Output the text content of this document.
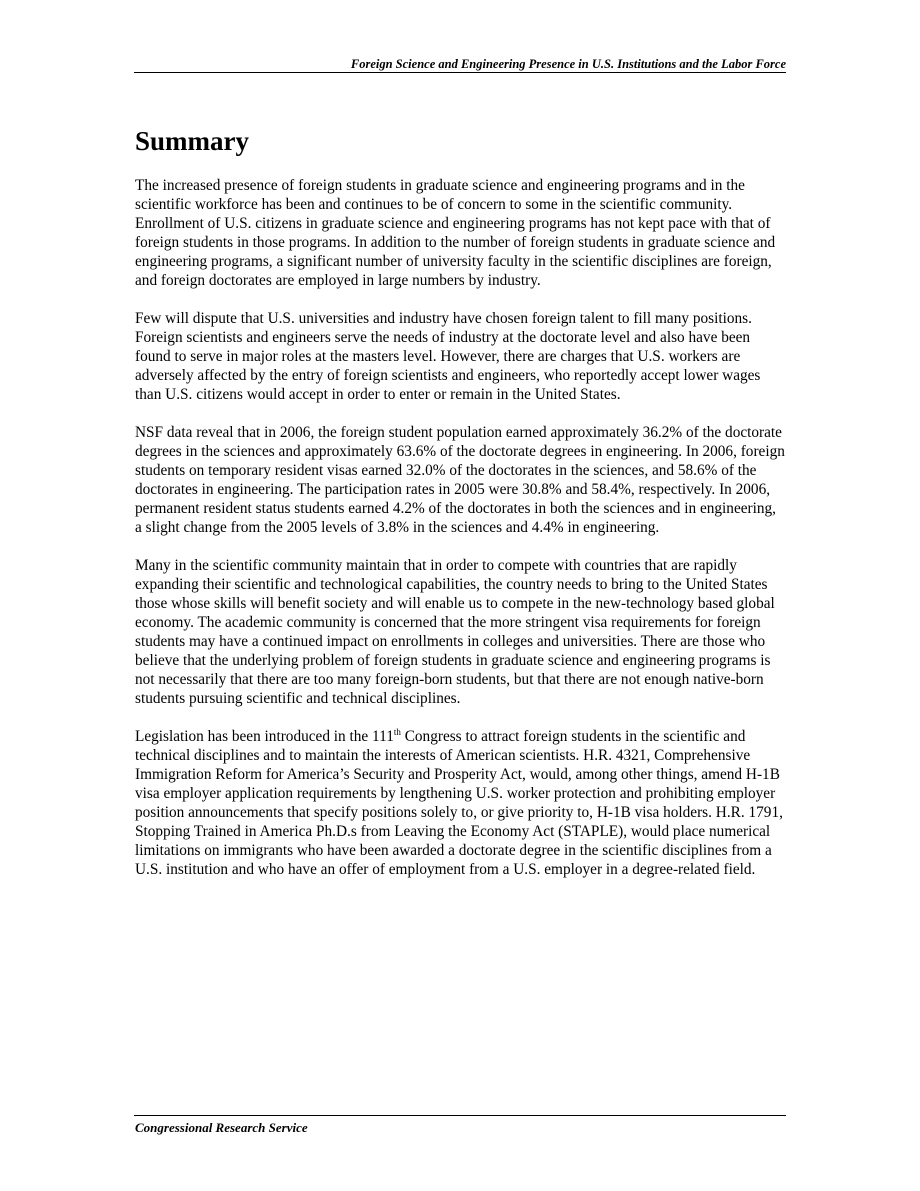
Foreign Science and Engineering Presence in U.S. Institutions and the Labor Force
Summary

The increased presence of foreign students in graduate science and engineering programs and in the scientific workforce has been and continues to be of concern to some in the scientific community. Enrollment of U.S. citizens in graduate science and engineering programs has not kept pace with that of foreign students in those programs. In addition to the number of foreign students in graduate science and engineering programs, a significant number of university faculty in the scientific disciplines are foreign, and foreign doctorates are employed in large numbers by industry.

Few will dispute that U.S. universities and industry have chosen foreign talent to fill many positions. Foreign scientists and engineers serve the needs of industry at the doctorate level and also have been found to serve in major roles at the masters level. However, there are charges that U.S. workers are adversely affected by the entry of foreign scientists and engineers, who reportedly accept lower wages than U.S. citizens would accept in order to enter or remain in the United States.

NSF data reveal that in 2006, the foreign student population earned approximately 36.2% of the doctorate degrees in the sciences and approximately 63.6% of the doctorate degrees in engineering. In 2006, foreign students on temporary resident visas earned 32.0% of the doctorates in the sciences, and 58.6% of the doctorates in engineering. The participation rates in 2005 were 30.8% and 58.4%, respectively. In 2006, permanent resident status students earned 4.2% of the doctorates in both the sciences and in engineering, a slight change from the 2005 levels of 3.8% in the sciences and 4.4% in engineering.

Many in the scientific community maintain that in order to compete with countries that are rapidly expanding their scientific and technological capabilities, the country needs to bring to the United States those whose skills will benefit society and will enable us to compete in the new-technology based global economy. The academic community is concerned that the more stringent visa requirements for foreign students may have a continued impact on enrollments in colleges and universities. There are those who believe that the underlying problem of foreign students in graduate science and engineering programs is not necessarily that there are too many foreign-born students, but that there are not enough native-born students pursuing scientific and technical disciplines.

Legislation has been introduced in the 111th Congress to attract foreign students in the scientific and technical disciplines and to maintain the interests of American scientists. H.R. 4321, Comprehensive Immigration Reform for America’s Security and Prosperity Act, would, among other things, amend H-1B visa employer application requirements by lengthening U.S. worker protection and prohibiting employer position announcements that specify positions solely to, or give priority to, H-1B visa holders. H.R. 1791, Stopping Trained in America Ph.D.s from Leaving the Economy Act (STAPLE), would place numerical limitations on immigrants who have been awarded a doctorate degree in the scientific disciplines from a U.S. institution and who have an offer of employment from a U.S. employer in a degree-related field.

Congressional Research Service
